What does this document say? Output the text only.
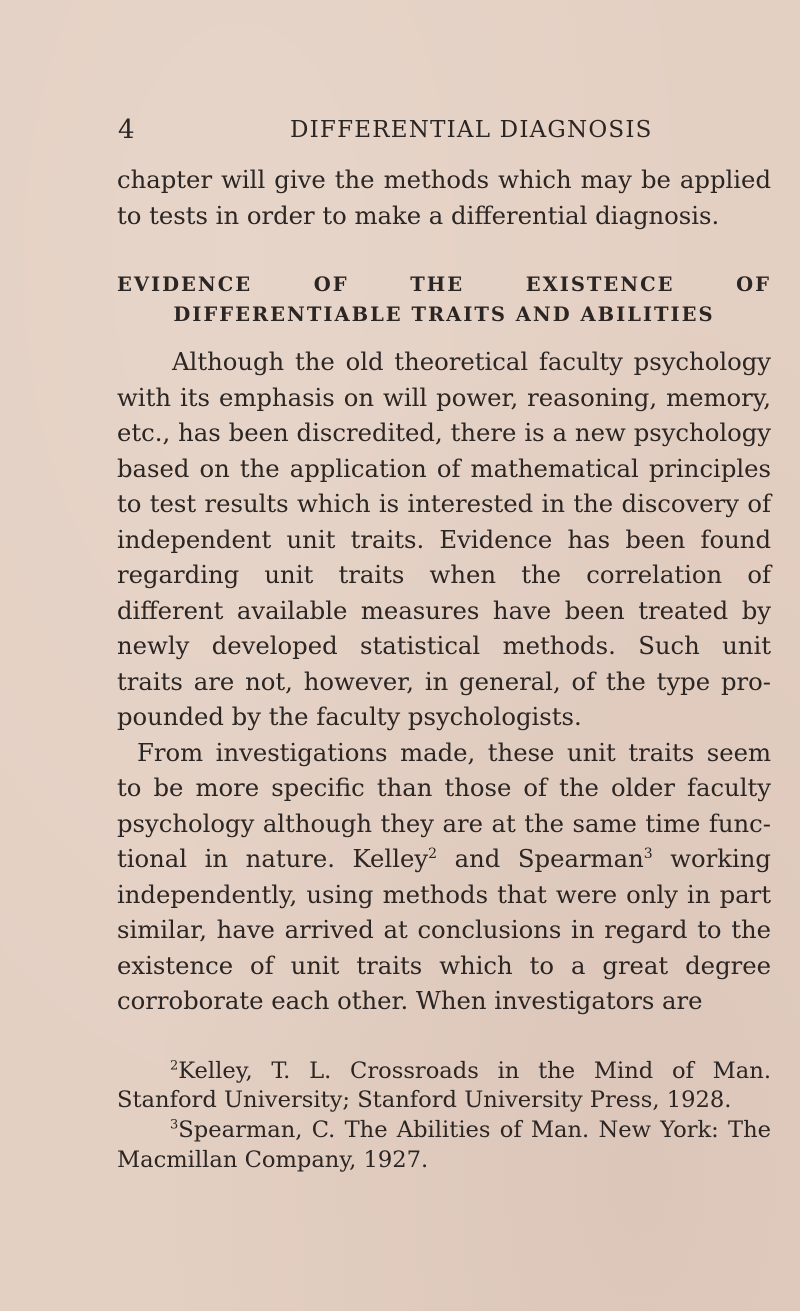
4	DIFFERENTIAL DIAGNOSIS

chapter will give the methods which may be applied to tests in order to make a differential diagnosis.

EVIDENCE OF THE EXISTENCE OF DIFFERENTIABLE TRAITS AND ABILITIES

Although the old theoretical faculty psychology with its emphasis on will power, reasoning, memory, etc., has been discredited, there is a new psychology based on the application of mathematical principles to test results which is interested in the discovery of independent unit traits. Evidence has been found regarding unit traits when the correlation of different available measures have been treated by newly developed statistical methods. Such unit traits are not, however, in general, of the type pro-pounded by the faculty psychologists.

From investigations made, these unit traits seem to be more specific than those of the older faculty psychology although they are at the same time func-tional in nature. Kelley$^2$ and Spearman$^3$ working independently, using methods that were only in part similar, have arrived at conclusions in regard to the existence of unit traits which to a great degree corroborate each other. When investigators are

$^2$Kelley, T. L. Crossroads in the Mind of Man. Stanford University; Stanford University Press, 1928.

$^3$Spearman, C. The Abilities of Man. New York: The Macmillan Company, 1927.
